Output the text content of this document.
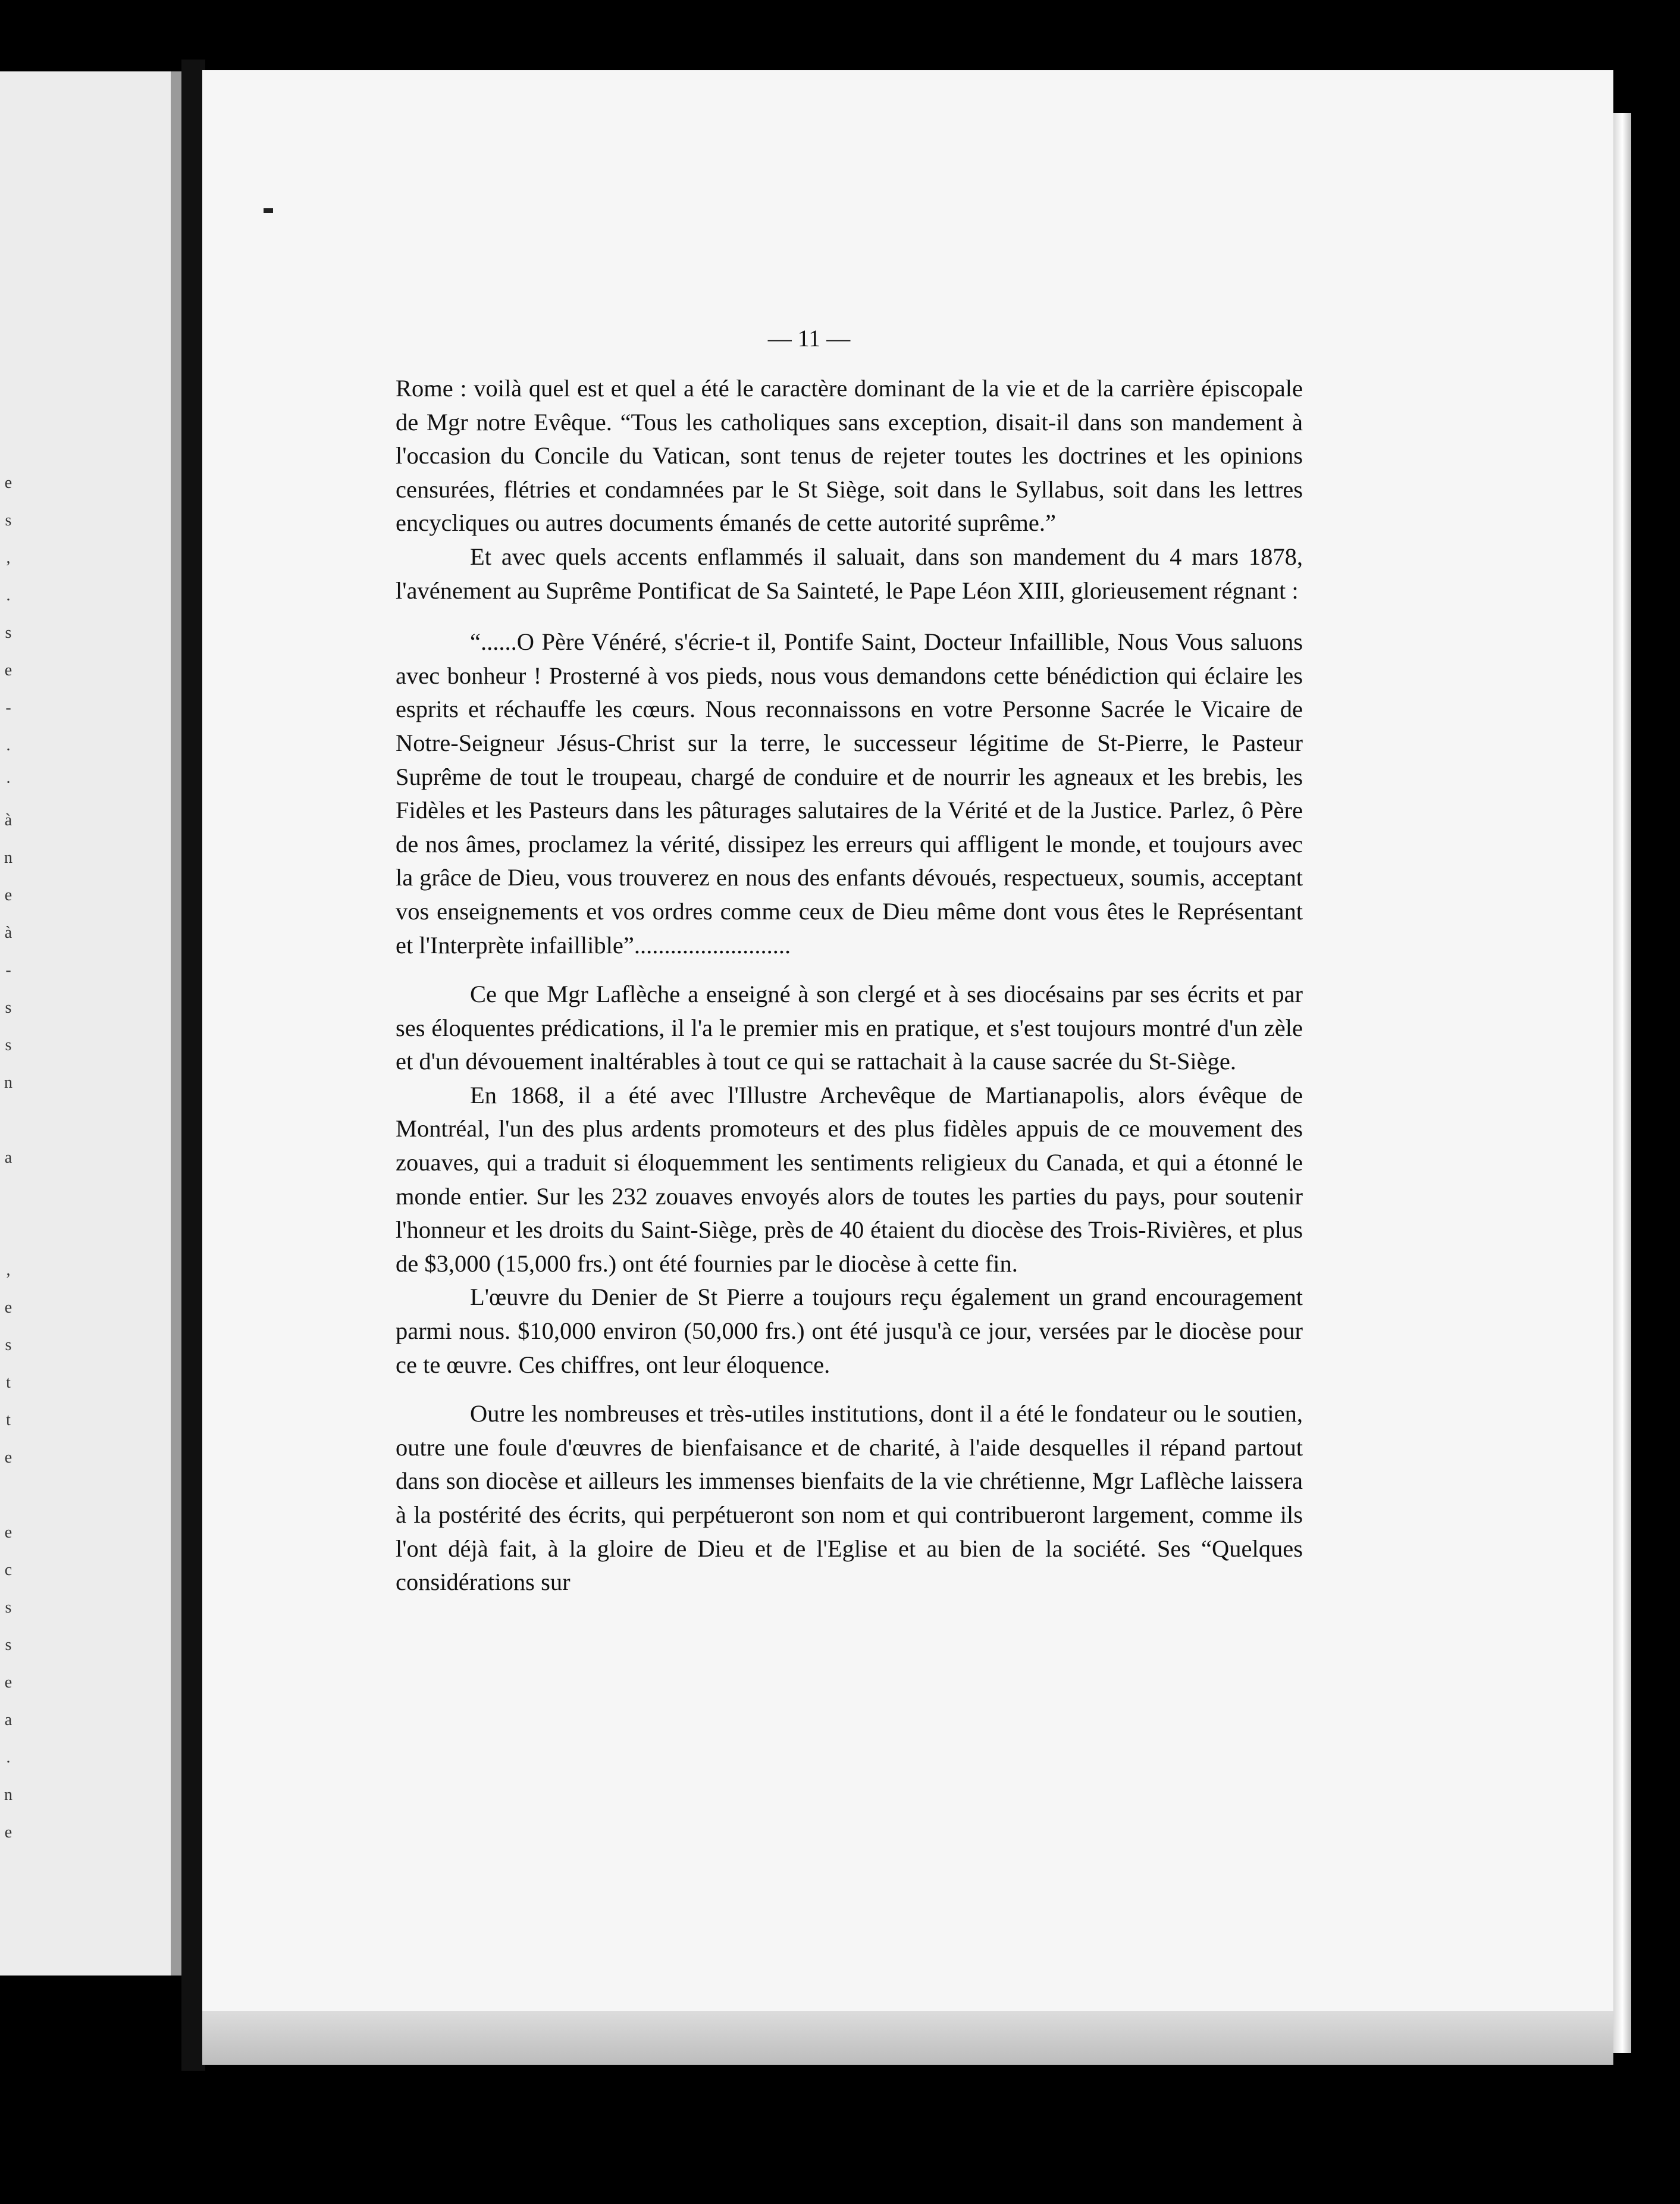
e
s
,
.
s
e
-
.
·
à
n
e
à
-
s
s
n
a
,
e
s
t
t
e
e
c
s
s
e
a
.
n
e
— 11 —

Rome : voilà quel est et quel a été le caractère dominant de la vie et de la carrière épiscopale de Mgr notre Evêque. “Tous les catholiques sans exception, disait-il dans son mandement à l'occasion du Concile du Vatican, sont tenus de rejeter toutes les doctrines et les opinions censurées, flétries et condamnées par le St Siège, soit dans le Syllabus, soit dans les lettres encycliques ou autres documents émanés de cette autorité suprême.”

Et avec quels accents enflammés il saluait, dans son mandement du 4 mars 1878, l'avénement au Suprême Pontificat de Sa Sainteté, le Pape Léon XIII, glorieusement régnant :

“......O Père Vénéré, s'écrie-t il, Pontife Saint, Docteur Infaillible, Nous Vous saluons avec bonheur ! Prosterné à vos pieds, nous vous demandons cette bénédiction qui éclaire les esprits et réchauffe les cœurs. Nous reconnaissons en votre Personne Sacrée le Vicaire de Notre-Seigneur Jésus-Christ sur la terre, le successeur légitime de St-Pierre, le Pasteur Suprême de tout le troupeau, chargé de conduire et de nourrir les agneaux et les brebis, les Fidèles et les Pasteurs dans les pâturages salutaires de la Vérité et de la Justice. Parlez, ô Père de nos âmes, proclamez la vérité, dissipez les erreurs qui affligent le monde, et toujours avec la grâce de Dieu, vous trouverez en nous des enfants dévoués, respectueux, soumis, acceptant vos enseignements et vos ordres comme ceux de Dieu même dont vous êtes le Représentant et l'Interprète infaillible”..........................

Ce que Mgr Laflèche a enseigné à son clergé et à ses diocésains par ses écrits et par ses éloquentes prédications, il l'a le premier mis en pratique, et s'est toujours montré d'un zèle et d'un dévouement inaltérables à tout ce qui se rattachait à la cause sacrée du St-Siège.

En 1868, il a été avec l'Illustre Archevêque de Martianapolis, alors évêque de Montréal, l'un des plus ardents promoteurs et des plus fidèles appuis de ce mouvement des zouaves, qui a traduit si éloquemment les sentiments religieux du Canada, et qui a étonné le monde entier. Sur les 232 zouaves envoyés alors de toutes les parties du pays, pour soutenir l'honneur et les droits du Saint-Siège, près de 40 étaient du diocèse des Trois-Rivières, et plus de $3,000 (15,000 frs.) ont été fournies par le diocèse à cette fin.

L'œuvre du Denier de St Pierre a toujours reçu également un grand encouragement parmi nous. $10,000 environ (50,000 frs.) ont été jusqu'à ce jour, versées par le diocèse pour ce te œuvre. Ces chiffres, ont leur éloquence.

Outre les nombreuses et très-utiles institutions, dont il a été le fondateur ou le soutien, outre une foule d'œuvres de bienfaisance et de charité, à l'aide desquelles il répand partout dans son diocèse et ailleurs les immenses bienfaits de la vie chrétienne, Mgr Laflèche laissera à la postérité des écrits, qui perpétueront son nom et qui contribueront largement, comme ils l'ont déjà fait, à la gloire de Dieu et de l'Eglise et au bien de la société. Ses “Quelques considérations sur
